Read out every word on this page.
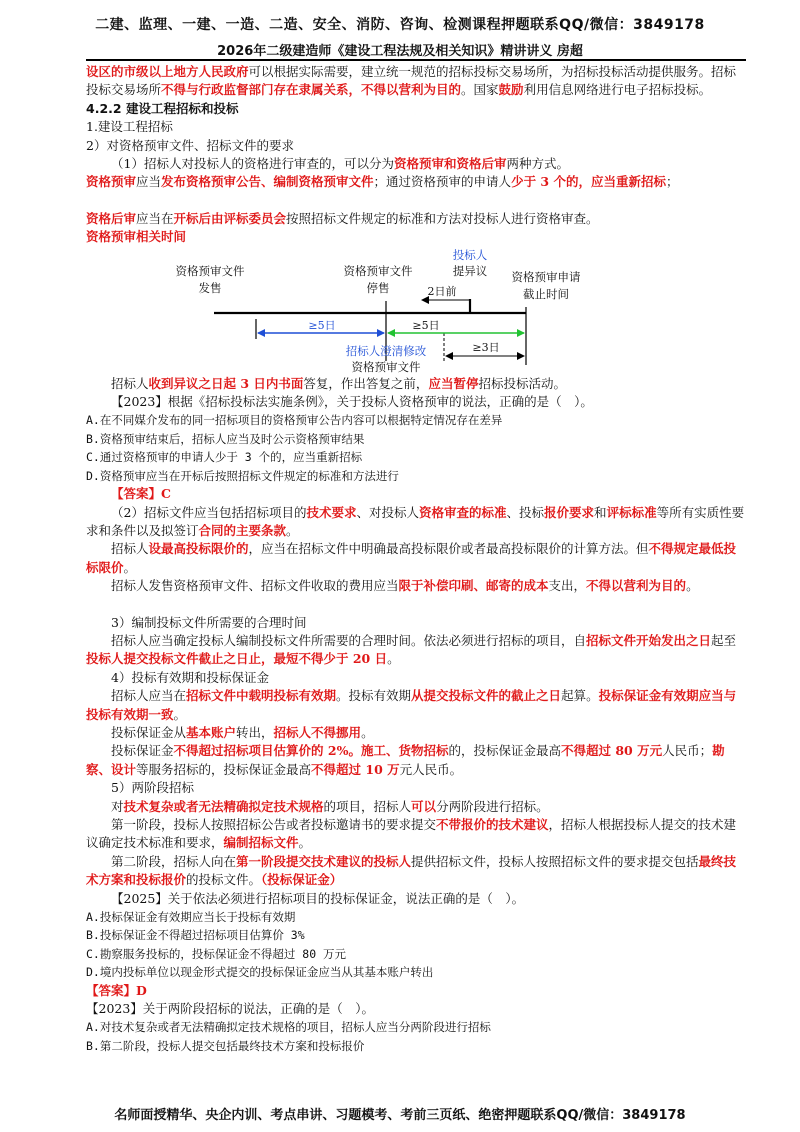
二建、监理、一建、一造、二造、安全、消防、咨询、检测课程押题联系QQ/微信：3849178
2026年二级建造师《建设工程法规及相关知识》精讲讲义 房超

设区的市级以上地方人民政府可以根据实际需要，建立统一规范的招标投标交易场所，为招标投标活动提供服务。招标投标交易场所不得与行政监督部门存在隶属关系，不得以营利为目的。国家鼓励利用信息网络进行电子招标投标。

4.2.2 建设工程招标和投标

1.建设工程招标

2）对资格预审文件、招标文件的要求

（1）招标人对投标人的资格进行审查的，可以分为资格预审和资格后审两种方式。

资格预审应当发布资格预审公告、编制资格预审文件；通过资格预审的申请人少于 3 个的，应当重新招标；

资格后审应当在开标后由评标委员会按照招标文件规定的标准和方法对投标人进行资格审查。

资格预审相关时间

资格预审文件
发售
资格预审文件
停售
投标人
提异议 资格预审申请
截止时间
2日前
≥5日	≥5日
≥3日
招标人澄清修改
资格预审文件

招标人收到异议之日起 3 日内书面答复，作出答复之前，应当暂停招标投标活动。

【2023】根据《招标投标法实施条例》，关于投标人资格预审的说法，正确的是（　）。

A.在不同媒介发布的同一招标项目的资格预审公告内容可以根据特定情况存在差异

B.资格预审结束后，招标人应当及时公示资格预审结果

C.通过资格预审的申请人少于 3 个的，应当重新招标

D.资格预审应当在开标后按照招标文件规定的标准和方法进行

【答案】C

（2）招标文件应当包括招标项目的技术要求、对投标人资格审查的标准、投标报价要求和评标标准等所有实质性要求和条件以及拟签订合同的主要条款。

招标人设最高投标限价的，应当在招标文件中明确最高投标限价或者最高投标限价的计算方法。但不得规定最低投标限价。

招标人发售资格预审文件、招标文件收取的费用应当限于补偿印刷、邮寄的成本支出，不得以营利为目的。

3）编制投标文件所需要的合理时间

招标人应当确定投标人编制投标文件所需要的合理时间。依法必须进行招标的项目，自招标文件开始发出之日起至投标人提交投标文件截止之日止，最短不得少于 20 日。

4）投标有效期和投标保证金

招标人应当在招标文件中载明投标有效期。投标有效期从提交投标文件的截止之日起算。投标保证金有效期应当与投标有效期一致。

投标保证金从基本账户转出，招标人不得挪用。

投标保证金不得超过招标项目估算价的 2%。施工、货物招标的，投标保证金最高不得超过 80 万元人民币；勘察、设计等服务招标的，投标保证金最高不得超过 10 万元人民币。

5）两阶段招标

对技术复杂或者无法精确拟定技术规格的项目，招标人可以分两阶段进行招标。

第一阶段，投标人按照招标公告或者投标邀请书的要求提交不带报价的技术建议，招标人根据投标人提交的技术建议确定技术标准和要求，编制招标文件。

第二阶段，招标人向在第一阶段提交技术建议的投标人提供招标文件，投标人按照招标文件的要求提交包括最终技术方案和投标报价的投标文件。（投标保证金）

【2025】关于依法必须进行招标项目的投标保证金，说法正确的是（　）。

A.投标保证金有效期应当长于投标有效期

B.投标保证金不得超过招标项目估算价 3%

C.勘察服务投标的，投标保证金不得超过 80 万元

D.境内投标单位以现金形式提交的投标保证金应当从其基本账户转出

【答案】D

【2023】关于两阶段招标的说法，正确的是（　）。

A.对技术复杂或者无法精确拟定技术规格的项目，招标人应当分两阶段进行招标

B.第二阶段，投标人提交包括最终技术方案和投标报价

名师面授精华、央企内训、考点串讲、习题模考、考前三页纸、绝密押题联系QQ/微信：3849178
